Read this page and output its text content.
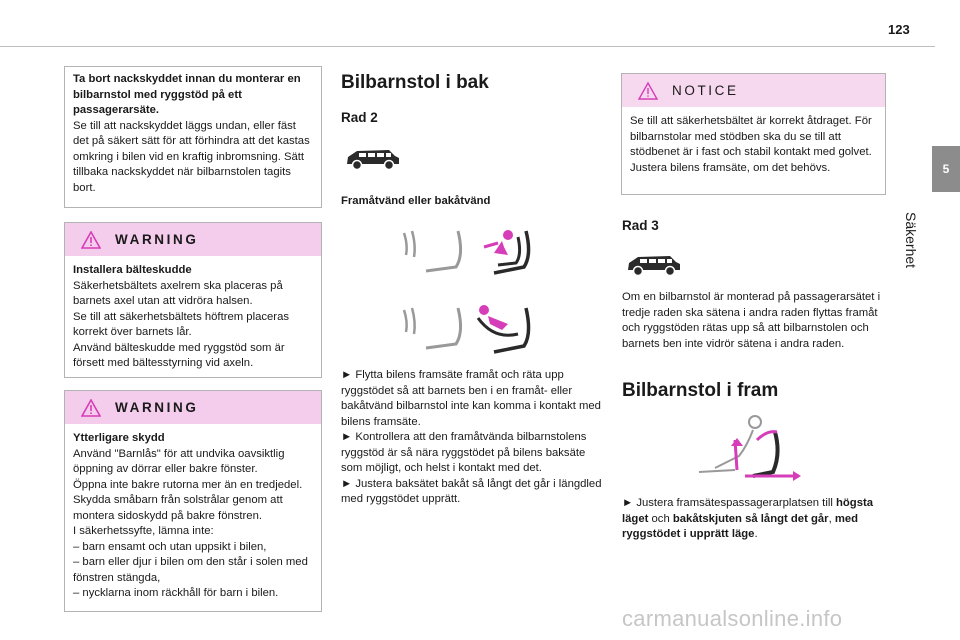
123
5
Säkerhet

Ta bort nackskyddet innan du monterar en bilbarnstol med ryggstöd på ett passagerarsäte.

Se till att nackskyddet läggs undan, eller fäst det på säkert sätt för att förhindra att det kastas omkring i bilen vid en kraftig inbromsning. Sätt tillbaka nackskyddet när bilbarnstolen tagits bort.

WARNING

Installera bälteskudde

Säkerhetsbältets axelrem ska placeras på barnets axel utan att vidröra halsen.

Se till att säkerhetsbältets höftrem placeras korrekt över barnets lår.

Använd bälteskudde med ryggstöd som är försett med bältesstyrning vid axeln.

WARNING

Ytterligare skydd

Använd "Barnlås" för att undvika oavsiktlig öppning av dörrar eller bakre fönster.

Öppna inte bakre rutorna mer än en tredjedel.

Skydda småbarn från solstrålar genom att montera sidoskydd på bakre fönstren.

I säkerhetssyfte, lämna inte:

– barn ensamt och utan uppsikt i bilen,

– barn eller djur i bilen om den står i solen med fönstren stängda,

– nycklarna inom räckhåll för barn i bilen.

Bilbarnstol i bak
Rad 2
Framåtvänd eller bakåtvänd

► Flytta bilens framsäte framåt och räta upp ryggstödet så att barnets ben i en framåt- eller bakåtvänd bilbarnstol inte kan komma i kontakt med bilens framsäte.

► Kontrollera att den framåtvända bilbarnstolens ryggstöd är så nära ryggstödet på bilens baksäte som möjligt, och helst i kontakt med det.

► Justera baksätet bakåt så långt det går i längdled med ryggstödet upprätt.

NOTICE

Se till att säkerhetsbältet är korrekt åtdraget. För bilbarnstolar med stödben ska du se till att stödbenet är i fast och stabil kontakt med golvet. Justera bilens framsäte, om det behövs.

Rad 3
Om en bilbarnstol är monterad på passagerarsätet i tredje raden ska sätena i andra raden flyttas framåt och ryggstöden rätas upp så att bilbarnstolen och barnets ben inte vidrör sätena i andra raden.
Bilbarnstol i fram

► Justera framsätespassagerarplatsen till högsta läget och bakåtskjuten så långt det går, med ryggstödet i upprätt läge.

carmanualsonline.info
